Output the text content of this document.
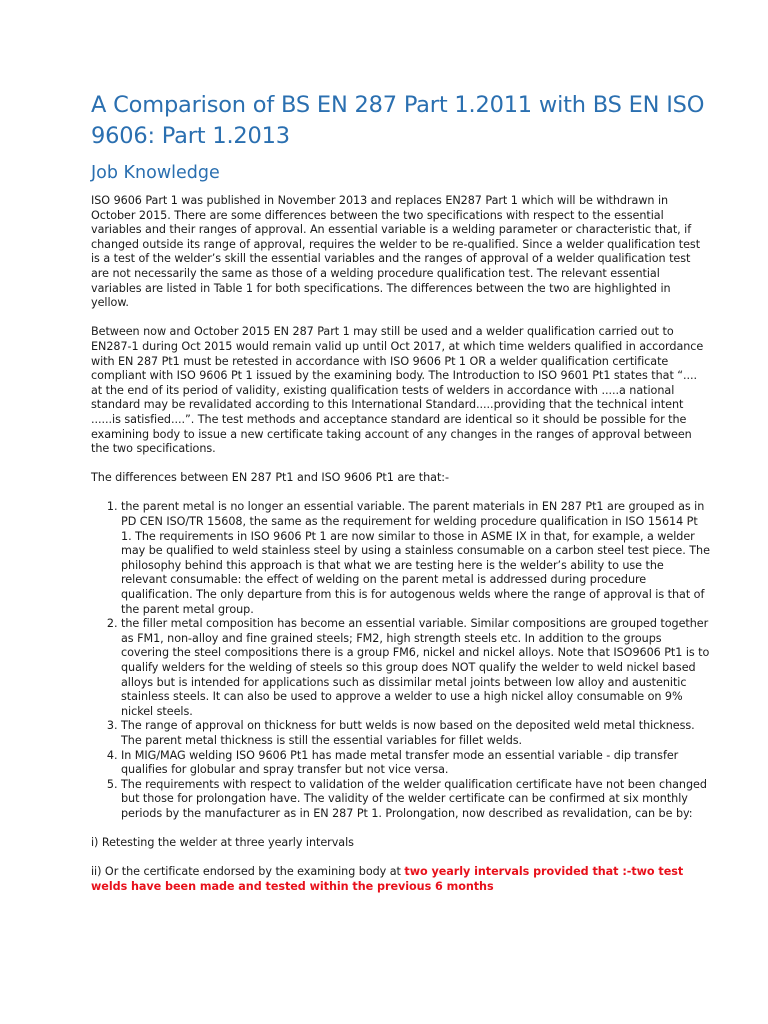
A Comparison of BS EN 287 Part 1.2011 with BS EN ISO 9606: Part 1.2013
Job Knowledge

ISO 9606 Part 1 was published in November 2013 and replaces EN287 Part 1 which will be withdrawn in October 2015. There are some differences between the two specifications with respect to the essential variables and their ranges of approval. An essential variable is a welding parameter or characteristic that, if changed outside its range of approval, requires the welder to be re-qualified. Since a welder qualification test is a test of the welder’s skill the essential variables and the ranges of approval of a welder qualification test are not necessarily the same as those of a welding procedure qualification test. The relevant essential variables are listed in Table 1 for both specifications. The differences between the two are highlighted in yellow.

Between now and October 2015 EN 287 Part 1 may still be used and a welder qualification carried out to EN287-1 during Oct 2015 would remain valid up until Oct 2017, at which time welders qualified in accordance with EN 287 Pt1 must be retested in accordance with ISO 9606 Pt 1 OR a welder qualification certificate compliant with ISO 9606 Pt 1 issued by the examining body. The Introduction to ISO 9601 Pt1 states that “.... at the end of its period of validity, existing qualification tests of welders in accordance with .....a national standard may be revalidated according to this International Standard.....providing that the technical intent ......is satisfied....”. The test methods and acceptance standard are identical so it should be possible for the examining body to issue a new certificate taking account of any changes in the ranges of approval between the two specifications.

The differences between EN 287 Pt1 and ISO 9606 Pt1 are that:-

1. the parent metal is no longer an essential variable. The parent materials in EN 287 Pt1 are grouped as in PD CEN ISO/TR 15608, the same as the requirement for welding procedure qualification in ISO 15614 Pt 1. The requirements in ISO 9606 Pt 1 are now similar to those in ASME IX in that, for example, a welder may be qualified to weld stainless steel by using a stainless consumable on a carbon steel test piece. The philosophy behind this approach is that what we are testing here is the welder’s ability to use the relevant consumable: the effect of welding on the parent metal is addressed during procedure qualification. The only departure from this is for autogenous welds where the range of approval is that of the parent metal group.
2. the filler metal composition has become an essential variable. Similar compositions are grouped together as FM1, non-alloy and fine grained steels; FM2, high strength steels etc. In addition to the groups covering the steel compositions there is a group FM6, nickel and nickel alloys. Note that ISO9606 Pt1 is to qualify welders for the welding of steels so this group does NOT qualify the welder to weld nickel based alloys but is intended for applications such as dissimilar metal joints between low alloy and austenitic stainless steels. It can also be used to approve a welder to use a high nickel alloy consumable on 9% nickel steels.
3. The range of approval on thickness for butt welds is now based on the deposited weld metal thickness. The parent metal thickness is still the essential variables for fillet welds.
4. In MIG/MAG welding ISO 9606 Pt1 has made metal transfer mode an essential variable - dip transfer qualifies for globular and spray transfer but not vice versa.
5. The requirements with respect to validation of the welder qualification certificate have not been changed but those for prolongation have. The validity of the welder certificate can be confirmed at six monthly periods by the manufacturer as in EN 287 Pt 1. Prolongation, now described as revalidation, can be by:

i) Retesting the welder at three yearly intervals

ii) Or the certificate endorsed by the examining body at two yearly intervals provided that :-two test welds have been made and tested within the previous 6 months
